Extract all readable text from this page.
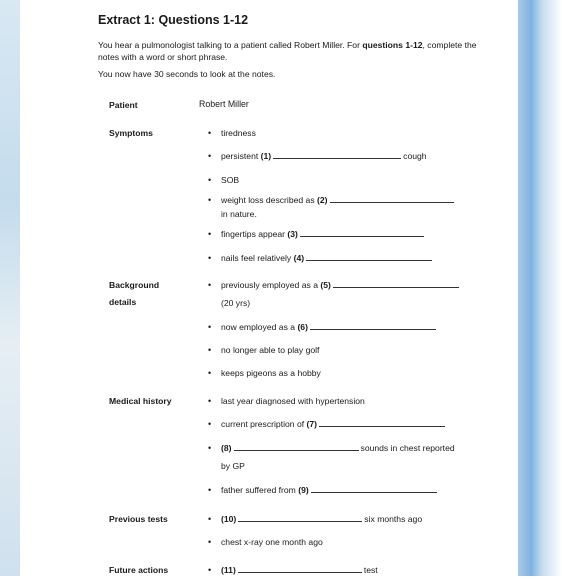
Extract 1: Questions 1-12
You hear a pulmonologist talking to a patient called Robert Miller. For questions 1-12, complete the notes with a word or short phrase.
You now have 30 seconds to look at the notes.
Patient	Robert Miller
Symptoms	• tiredness
• persistent (1)	cough
• SOB
• weight loss described as (2)
in nature.
• fingertips appear (3)
• nails feel relatively (4)
Background
details
• previously employed as a (5)
(20 yrs)
• now employed as a (6)
• no longer able to play golf
• keeps pigeons as a hobby
Medical history	• last year diagnosed with hypertension
• current prescription of (7)
• (8)	sounds in chest reported
by GP
• father suffered from (9)
Previous tests	• (10)	six months ago
• chest x-ray one month ago
Future actions	• (11)	test
